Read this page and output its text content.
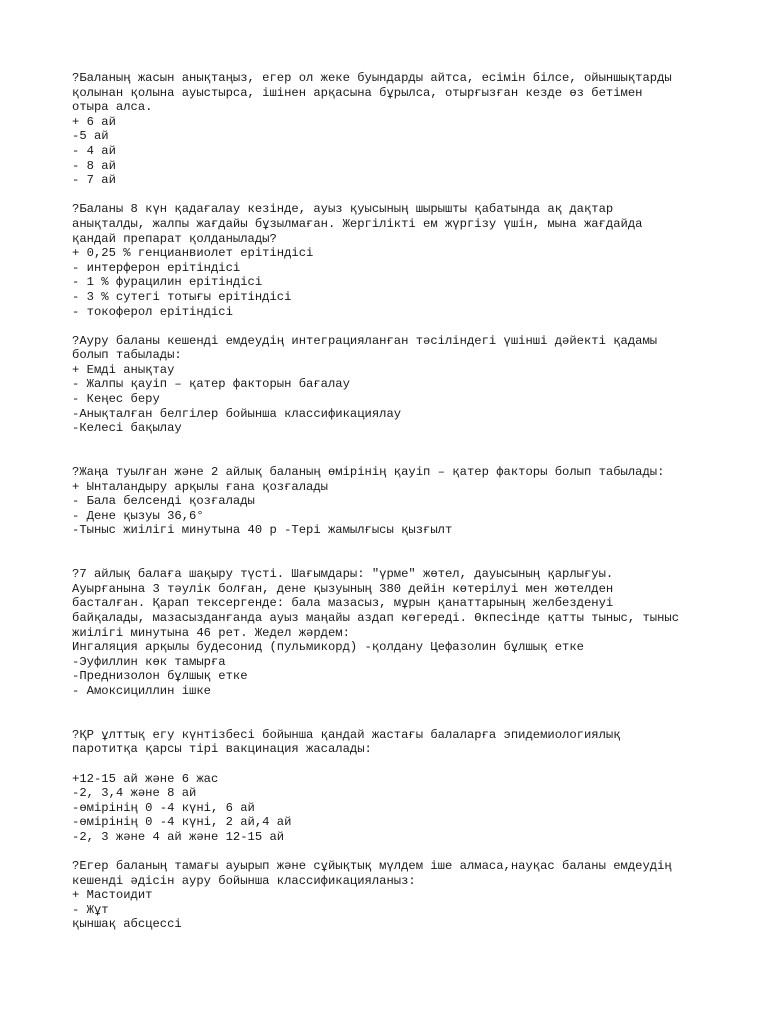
?Баланың жасын анықтаңыз, егер ол жеке буындарды айтса, есімін білсе, ойыншықтарды
қолынан қолына ауыстырса, ішінен арқасына бұрылса, отырғызған кезде өз бетімен
отыра алса.
+ 6 ай
-5 ай
- 4 ай
- 8 ай
- 7 ай
?Баланы 8 күн қадағалау кезінде, ауыз қуысының шырышты қабатында ақ дақтар
анықталды, жалпы жағдайы бұзылмаған. Жергілікті ем жүргізу үшін, мына жағдайда
қандай препарат қолданылады?
+ 0,25 % генцианвиолет ерітіндісі
- интерферон ерітіндісі
- 1 % фурацилин ерітіндісі
- 3 % сутегі тотығы ерітіндісі
- токоферол ерітіндісі
?Ауру баланы кешенді емдеудің интеграцияланған тәсіліндегі үшінші дәйекті қадамы
болып табылады:
+ Емді анықтау
- Жалпы қауіп – қатер факторын бағалау
- Кеңес беру
-Анықталған белгілер бойынша классификациялау
-Келесі бақылау
?Жаңа туылған және 2 айлық баланың өмірінің қауіп – қатер факторы болып табылады:
+ Ынталандыру арқылы ғана қозғалады
- Бала белсенді қозғалады
- Дене қызуы 36,6°
-Тыныс жиілігі минутына 40 р -Тері жамылғысы қызғылт
?7 айлық балаға шақыру түсті. Шағымдары: "үрме" жөтел, дауысының қарлығуы.
Ауырғанына 3 тәулік болған, дене қызуының 380 дейін көтерілуі мен жөтелден
басталған. Қарап тексергенде: бала мазасыз, мұрын қанаттарының желбезденуі
байқалады, мазасызданғанда ауыз маңайы аздап көгереді. Өкпесінде қатты тыныс, тыныс
жиілігі минутына 46 рет. Жедел жәрдем:
Ингаляция арқылы будесонид (пульмикорд) -қолдану Цефазолин бұлшық етке
-Эуфиллин көк тамырға
-Преднизолон бұлшық етке
- Амоксициллин ішке
?ҚР ұлттық егу күнтізбесі бойынша қандай жастағы балаларға эпидемиологиялық
паротитқа қарсы тірі вакцинация жасалады:
+12-15 ай және 6 жас
-2, 3,4 және 8 ай
-өмірінің 0 -4 күні, 6 ай
-өмірінің 0 -4 күні, 2 ай,4 ай
-2, 3 және 4 ай және 12-15 ай
?Егер баланың тамағы ауырып және сұйықтық мүлдем іше алмаса,науқас баланы емдеудің
кешенді әдісін ауру бойынша классификацияланыз:
+ Мастоидит
- Жұт
қыншақ абсцессі
